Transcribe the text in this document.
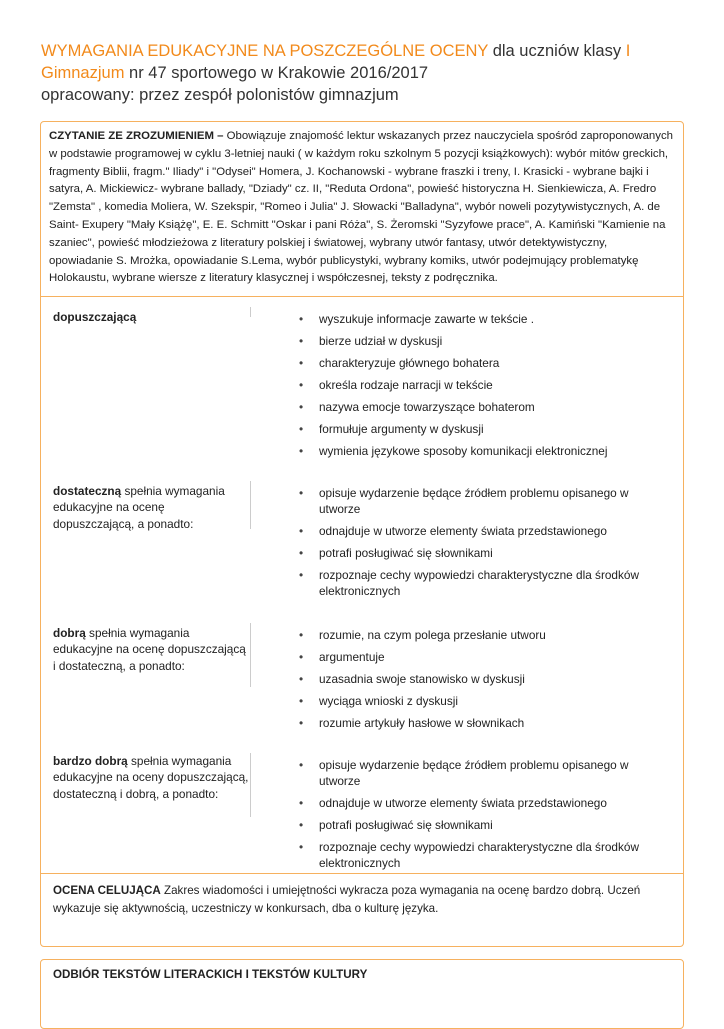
WYMAGANIA EDUKACYJNE NA POSZCZEGÓLNE OCENY dla uczniów klasy I
Gimnazjum nr 47 sportowego w Krakowie 2016/2017
opracowany: przez zespół polonistów gimnazjum
CZYTANIE ZE ZROZUMIENIEM – Obowiązuje znajomość lektur wskazanych przez nauczyciela spośród zaproponowanych w podstawie programowej w cyklu 3-letniej nauki ( w każdym roku szkolnym 5 pozycji książkowych): wybór mitów greckich, fragmenty Biblii, fragm." Iliady" i "Odysei" Homera, J. Kochanowski - wybrane fraszki i treny, I. Krasicki - wybrane bajki i satyra, A. Mickiewicz- wybrane ballady, "Dziady" cz. II, "Reduta Ordona", powieść historyczna H. Sienkiewicza, A. Fredro "Zemsta" , komedia Moliera, W. Szekspir, "Romeo i Julia" J. Słowacki "Balladyna", wybór noweli pozytywistycznych, A. de Saint- Exupery "Mały Książę", E. E. Schmitt "Oskar i pani Róża", S. Żeromski "Syzyfowe prace", A. Kamiński "Kamienie na szaniec", powieść młodzieżowa z literatury polskiej i światowej, wybrany utwór fantasy, utwór detektywistyczny, opowiadanie S. Mrożka, opowiadanie S.Lema, wybór publicystyki, wybrany komiks, utwór podejmujący problematykę Holokaustu, wybrane wiersze z literatury klasycznej i współczesnej, teksty z podręcznika.
dopuszczającą	• wyszukuje informacje zawarte w tekście .
• bierze udział w dyskusji
• charakteryzuje głównego bohatera
• określa rodzaje narracji w tekście
• nazywa emocje towarzyszące bohaterom
• formułuje argumenty w dyskusji
• wymienia językowe sposoby komunikacji elektronicznej
dostateczną spełnia wymagania edukacyjne na ocenę dopuszczającą, a ponadto:
• opisuje wydarzenie będące źródłem problemu opisanego w utworze
• odnajduje w utworze elementy świata przedstawionego
• potrafi posługiwać się słownikami
• rozpoznaje cechy wypowiedzi charakterystyczne dla środków elektronicznych
dobrą spełnia wymagania edukacyjne na ocenę dopuszczającą i dostateczną, a ponadto:
• rozumie, na czym polega przesłanie utworu
• argumentuje
• uzasadnia swoje stanowisko w dyskusji
• wyciąga wnioski z dyskusji
• rozumie artykuły hasłowe w słownikach
bardzo dobrą spełnia wymagania edukacyjne na oceny dopuszczającą, dostateczną i dobrą, a ponadto:
• opisuje wydarzenie będące źródłem problemu opisanego w utworze
• odnajduje w utworze elementy świata przedstawionego
• potrafi posługiwać się słownikami
• rozpoznaje cechy wypowiedzi charakterystyczne dla środków elektronicznych
OCENA CELUJĄCA Zakres wiadomości i umiejętności wykracza poza wymagania na ocenę bardzo dobrą. Uczeń wykazuje się aktywnością, uczestniczy w konkursach, dba o kulturę języka.
ODBIÓR TEKSTÓW LITERACKICH I TEKSTÓW KULTURY
